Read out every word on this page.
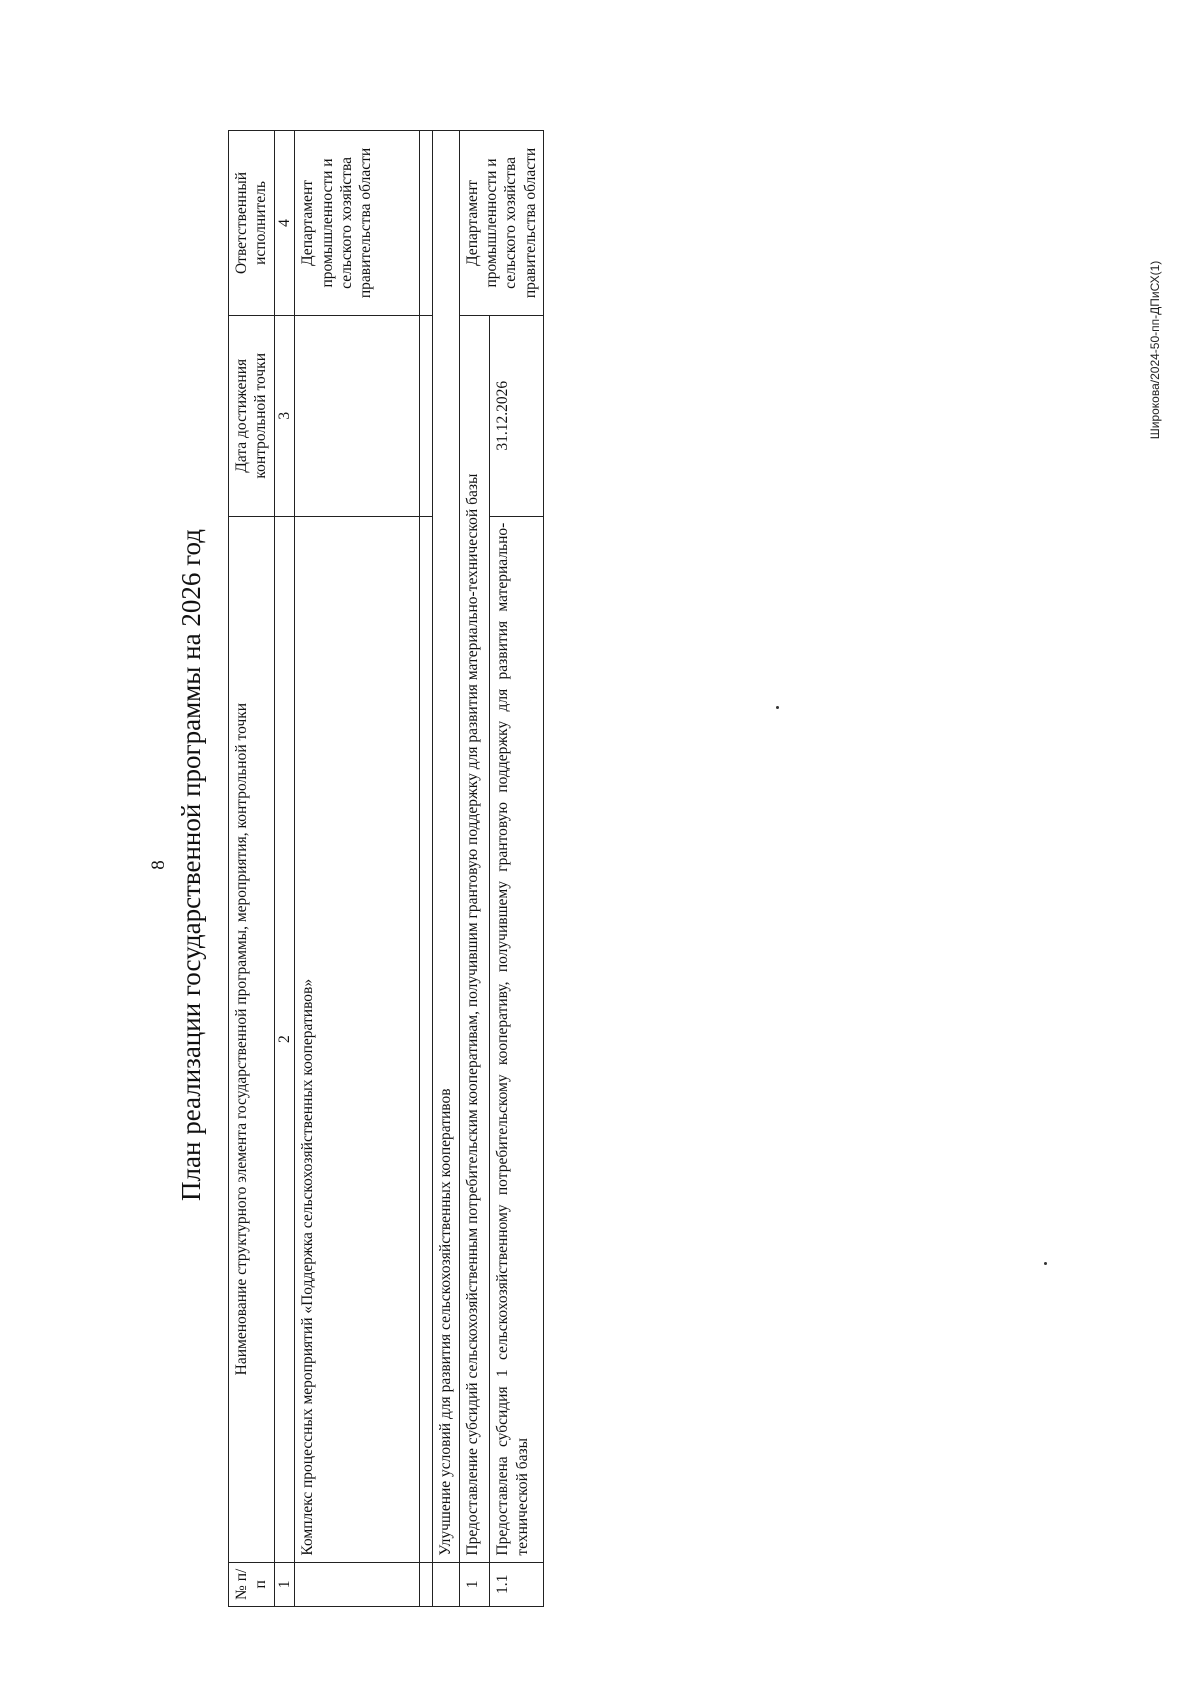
8 План реализации государственной программы на 2026 год
№ п/п	Наименование структурного элемента государственной программы, мероприятия, контрольной точки	Дата достижения контрольной точки	Ответственный исполнитель
1	2	3	4
	Комплекс процессных мероприятий «Поддержка сельскохозяйственных кооперативов»		Департамент промышленности и сельского хозяйства правительства области

	Улучшение условий для развития сельскохозяйственных кооперативов		
1	Предоставление субсидий сельскохозяйственным потребительским кооперативам, получившим грантовую поддержку для развития материально-технической базы		Департамент промышленности и сельского хозяйства правительства области
1.1	Предоставлена субсидия 1 сельскохозяйственному потребительскому кооперативу, получившему грантовую поддержку для развития материально-технической базы	31.12.2026		Широкова/2024-50-пп-ДПиСХ(1)
